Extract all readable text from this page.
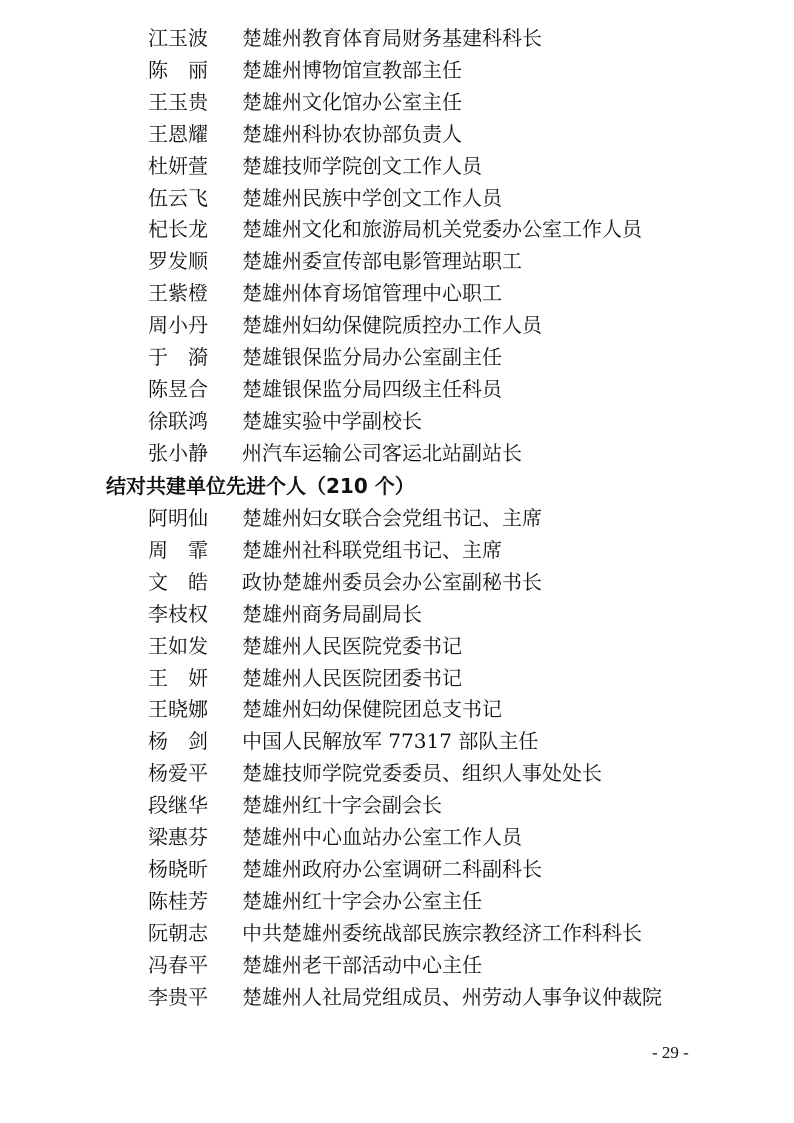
江玉波 楚雄州教育体育局财务基建科科长
陈　丽 楚雄州博物馆宣教部主任
王玉贵 楚雄州文化馆办公室主任
王恩耀 楚雄州科协农协部负责人
杜妍萱 楚雄技师学院创文工作人员
伍云飞 楚雄州民族中学创文工作人员
杞长龙 楚雄州文化和旅游局机关党委办公室工作人员
罗发顺 楚雄州委宣传部电影管理站职工
王紫橙 楚雄州体育场馆管理中心职工
周小丹 楚雄州妇幼保健院质控办工作人员
于　漪 楚雄银保监分局办公室副主任
陈昱合 楚雄银保监分局四级主任科员
徐联鸿 楚雄实验中学副校长
张小静 州汽车运输公司客运北站副站长
结对共建单位先进个人（210 个）
阿明仙 楚雄州妇女联合会党组书记、主席
周　霏 楚雄州社科联党组书记、主席
文　皓 政协楚雄州委员会办公室副秘书长
李枝权 楚雄州商务局副局长
王如发 楚雄州人民医院党委书记
王　妍 楚雄州人民医院团委书记
王晓娜 楚雄州妇幼保健院团总支书记
杨　剑 中国人民解放军 77317 部队主任
杨爱平 楚雄技师学院党委委员、组织人事处处长
段继华 楚雄州红十字会副会长
梁惠芬 楚雄州中心血站办公室工作人员
杨晓昕 楚雄州政府办公室调研二科副科长
陈桂芳 楚雄州红十字会办公室主任
阮朝志 中共楚雄州委统战部民族宗教经济工作科科长
冯春平 楚雄州老干部活动中心主任
李贵平 楚雄州人社局党组成员、州劳动人事争议仲裁院
- 29 -
